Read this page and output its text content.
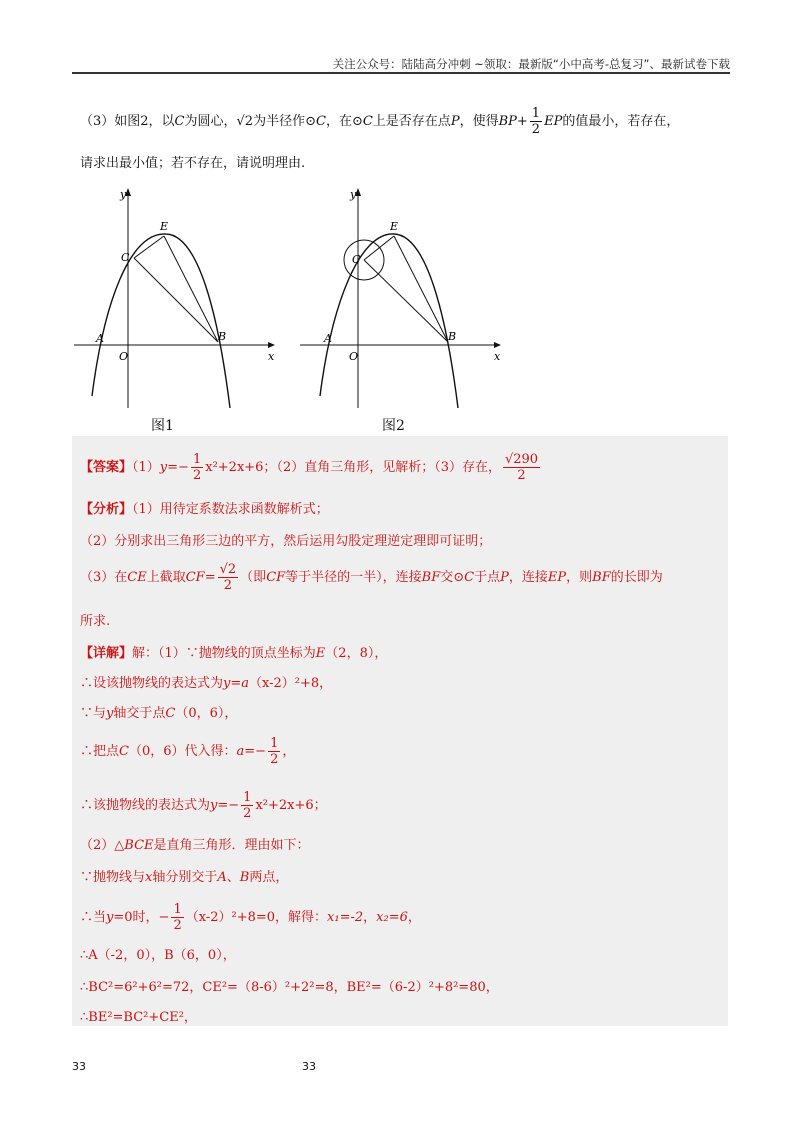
关注公众号：陆陆高分冲刺 ~领取：最新版“小中高考-总复习”、最新试卷下载
（3）如图2，以C为圆心，√2为半径作⊙C，在⊙C上是否存在点P，使得$BP+ \frac{1}{2}$ EP的值最小，若存在，
请求出最小值；若不存在，请说明理由.
y
x
E
C
A	B
O
图1
y
x
E
C
A	B
O
图2
【答案】$(1)y=- \frac{1}{2} x^2+2x+6$；（2）直角三角形，见解析；（3）存在， $\frac{√290}{2}$
【分析】（1）用待定系数法求函数解析式；
（2）分别求出三角形三边的平方，然后运用勾股定理逆定理即可证明；
（3）在CE上截取$CF= \frac{√2}{2}$ （即CF等于半径的一半），连接BF交⊙C于点P，连接EP，则BF的长即为
所求.
【详解】解：（1）∵抛物线的顶点坐标为E（2，8），
∴设该抛物线的表达式为y=a（x-2）²+8，
∵与y轴交于点C（0，6），
∴把点C（0，6）代入得：$a=- \frac{1}{2}$ ，
∴该抛物线的表达式为$y=- \frac{1}{2} x^2+2x+6$；
（2）△BCE是直角三角形．理由如下：
∵抛物线与x轴分别交于A、B两点，
∴当y=0时，− $\frac{1}{2} (x-2)^2+8=0$，解得：x₁=-2，x₂=6，
∴A（-2，0），B（6，0），
∴BC²=6²+6²=72，CE²=（8-6）²+2²=8，BE²=（6-2）²+8²=80，
∴BE²=BC²+CE²，
33	33
